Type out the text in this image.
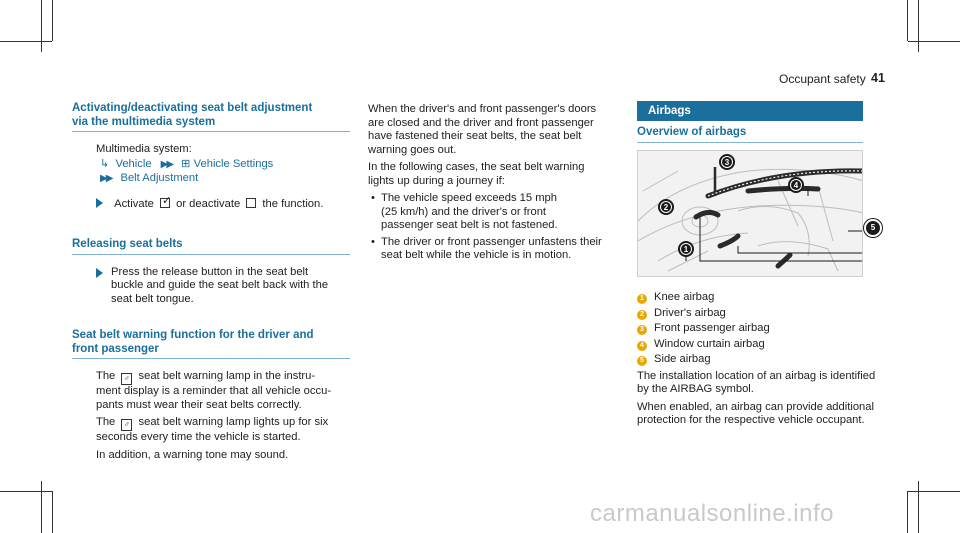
Occupant safety 41
Activating/deactivating seat belt adjustment
via the multimedia system
Multimedia system:
↳ Vehicle ▶▶ ⊞ Vehicle Settings
▶▶ Belt Adjustment
Activate ✓ or deactivate the function.
Releasing seat belts
Press the release button in the seat belt
buckle and guide the seat belt back with the
seat belt tongue.
Seat belt warning function for the driver and
front passenger
The ♂ seat belt warning lamp in the instru-
ment display is a reminder that all vehicle occu-
pants must wear their seat belts correctly.
The ♂ seat belt warning lamp lights up for six
seconds every time the vehicle is started.
In addition, a warning tone may sound.
When the driver's and front passenger's doors
are closed and the driver and front passenger
have fastened their seat belts, the seat belt
warning goes out.
In the following cases, the seat belt warning
lights up during a journey if:
• The vehicle speed exceeds 15 mph
(25 km/h) and the driver's or front
passenger seat belt is not fastened.
• The driver or front passenger unfastens their
seat belt while the vehicle is in motion.
Airbags
Overview of airbags
1
2
3
4
5
1 Knee airbag
2 Driver's airbag
3 Front passenger airbag
4 Window curtain airbag
5 Side airbag
The installation location of an airbag is identified
by the AIRBAG symbol.
When enabled, an airbag can provide additional
protection for the respective vehicle occupant.
carmanualsonline.info
